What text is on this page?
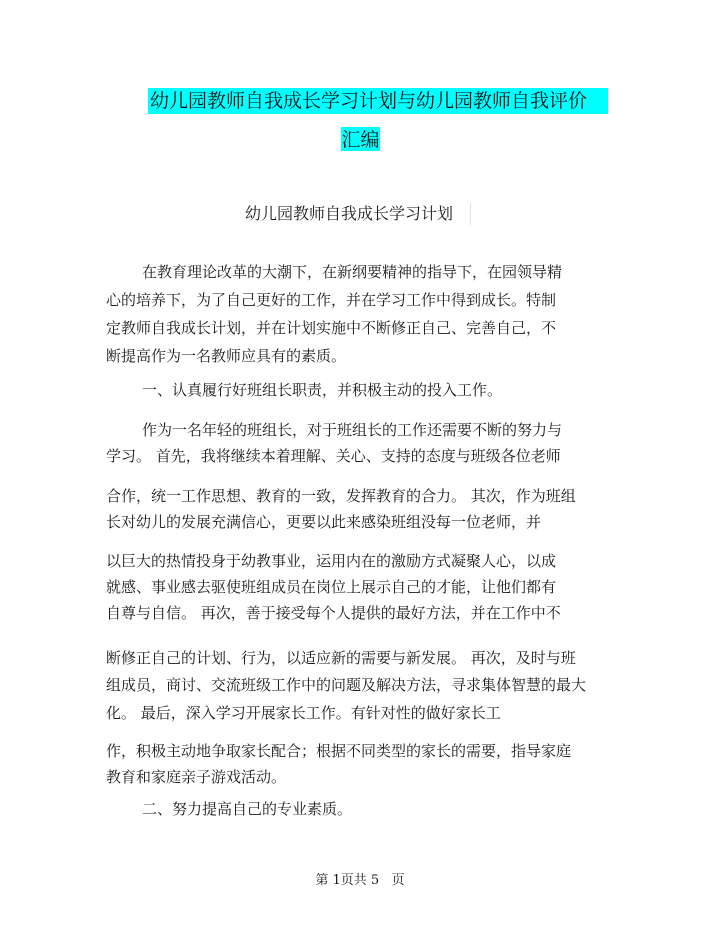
幼儿园教师自我成长学习计划与幼儿园教师自我评价
汇编
幼儿园教师自我成长学习计划
在教育理论改革的大潮下，在新纲要精神的指导下，在园领导精
心的培养下，为了自己更好的工作，并在学习工作中得到成长。特制
定教师自我成长计划，并在计划实施中不断修正自己、完善自己，不
断提高作为一名教师应具有的素质。
一、认真履行好班组长职责，并积极主动的投入工作。
作为一名年轻的班组长，对于班组长的工作还需要不断的努力与
学习。 首先，我将继续本着理解、关心、支持的态度与班级各位老师
合作，统一工作思想、教育的一致，发挥教育的合力。 其次，作为班组
长对幼儿的发展充满信心，更要以此来感染班组没每一位老师，并
以巨大的热情投身于幼教事业，运用内在的激励方式凝聚人心，以成
就感、事业感去驱使班组成员在岗位上展示自己的才能，让他们都有
自尊与自信。 再次，善于接受每个人提供的最好方法，并在工作中不
断修正自己的计划、行为，以适应新的需要与新发展。 再次，及时与班
组成员，商讨、交流班级工作中的问题及解决方法，寻求集体智慧的最大
化。 最后，深入学习开展家长工作。有针对性的做好家长工
作，积极主动地争取家长配合；根据不同类型的家长的需要，指导家庭
教育和家庭亲子游戏活动。
二、努力提高自己的专业素质。
第 1页共 5   页
